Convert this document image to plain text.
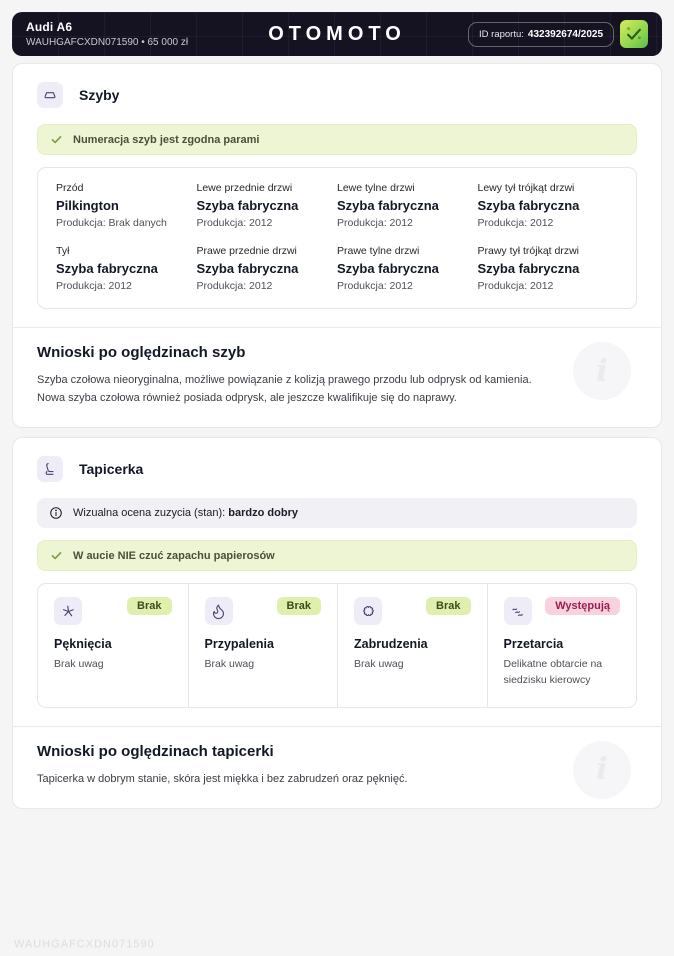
Audi A6
WAUHGAFCXDN071590 • 65 000 zł	OTOMOTO	ID raportu: 432392674/2025
Szyby
Numeracja szyb jest zgodna parami
Przód
Pilkington
Produkcja: Brak danych
Lewe przednie drzwi
Szyba fabryczna
Produkcja: 2012
Lewe tylne drzwi
Szyba fabryczna
Produkcja: 2012
Lewy tył trójkąt drzwi
Szyba fabryczna
Produkcja: 2012
Tył
Szyba fabryczna
Produkcja: 2012
Prawe przednie drzwi
Szyba fabryczna
Produkcja: 2012
Prawe tylne drzwi
Szyba fabryczna
Produkcja: 2012
Prawy tył trójkąt drzwi
Szyba fabryczna
Produkcja: 2012
Wnioski po oględzinach szyb

Szyba czołowa nieoryginalna, możliwe powiązanie z kolizją prawego przodu lub odprysk od kamienia. Nowa szyba czołowa również posiada odprysk, ale jeszcze kwalifikuje się do naprawy.

i
Tapicerka
Wizualna ocena zuzycia (stan): bardzo dobry
W aucie NIE czuć zapachu papierosów
Brak
Pęknięcia
Brak uwag
Brak
Przypalenia
Brak uwag
Brak
Zabrudzenia
Brak uwag
Występują
Przetarcia
Delikatne obtarcie na siedzisku kierowcy
Wnioski po oględzinach tapicerki

Tapicerka w dobrym stanie, skóra jest miękka i bez zabrudzeń oraz pęknięć.	i
WAUHGAFCXDN071590
